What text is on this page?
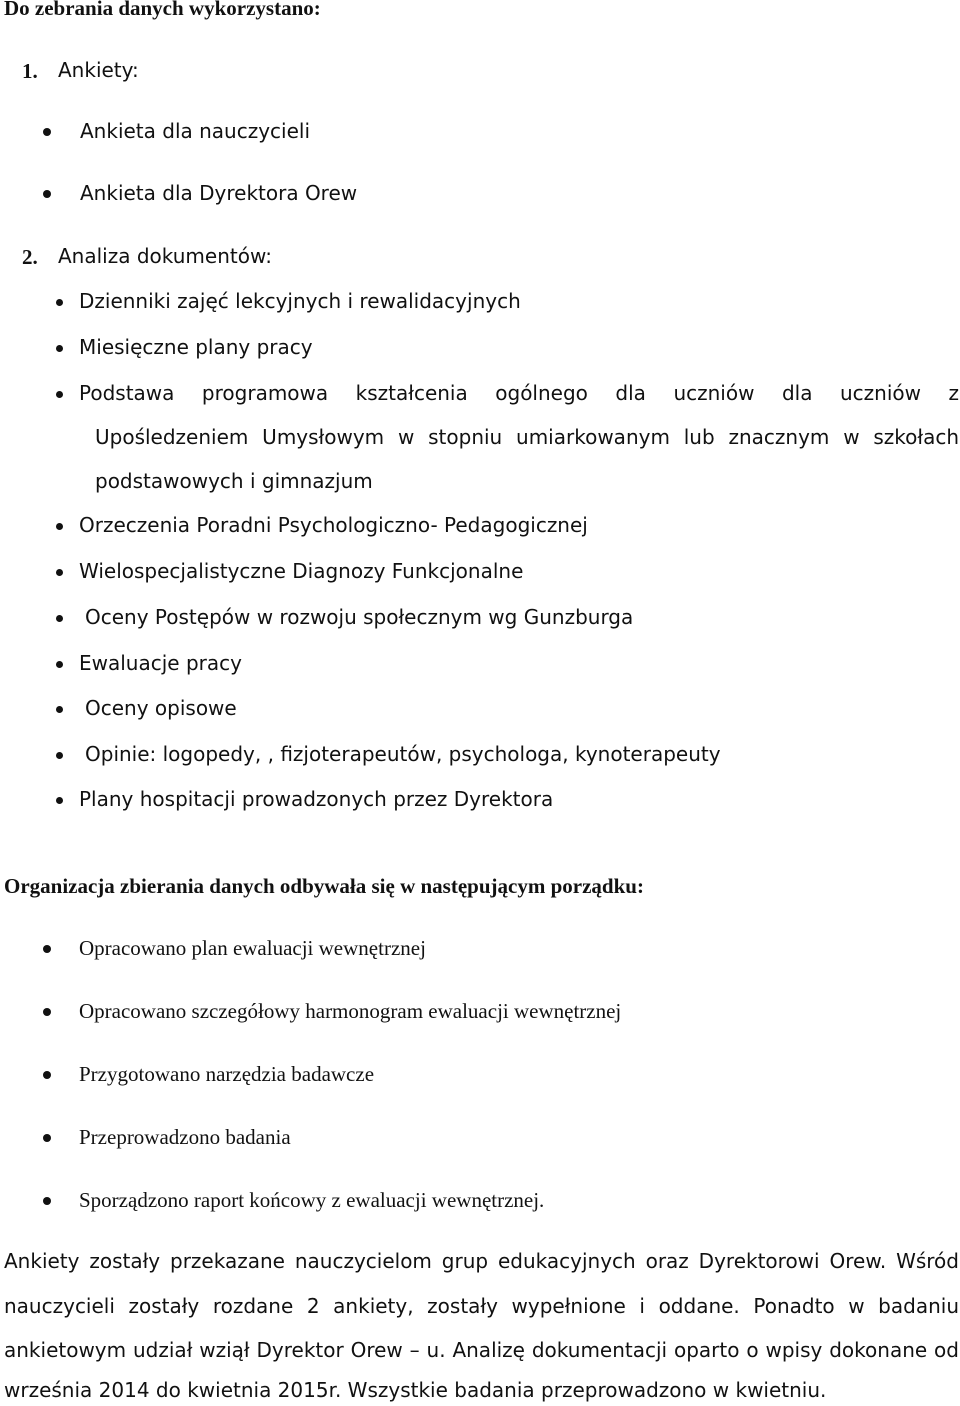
Do zebrania danych wykorzystano:
1. Ankiety:
Ankieta dla nauczycieli
Ankieta dla Dyrektora Orew
2. Analiza dokumentów:
Dzienniki zajęć lekcyjnych i rewalidacyjnych
Miesięczne plany pracy
Podstawa programowa kształcenia ogólnego dla uczniów dla uczniów z
Upośledzeniem Umysłowym w stopniu umiarkowanym lub znacznym w szkołach
podstawowych i gimnazjum
Orzeczenia Poradni Psychologiczno- Pedagogicznej
Wielospecjalistyczne Diagnozy Funkcjonalne
Oceny Postępów w rozwoju społecznym wg Gunzburga
Ewaluacje pracy
Oceny opisowe
Opinie: logopedy, , fizjoterapeutów, psychologa, kynoterapeuty
Plany hospitacji prowadzonych przez Dyrektora
Organizacja zbierania danych odbywała się w następującym porządku:
Opracowano plan ewaluacji wewnętrznej
Opracowano szczegółowy harmonogram ewaluacji wewnętrznej
Przygotowano narzędzia badawcze
Przeprowadzono badania
Sporządzono raport końcowy z ewaluacji wewnętrznej.
Ankiety zostały przekazane nauczycielom grup edukacyjnych oraz Dyrektorowi Orew. Wśród
nauczycieli zostały rozdane 2 ankiety, zostały wypełnione i oddane. Ponadto w badaniu
ankietowym udział wziął Dyrektor Orew – u. Analizę dokumentacji oparto o wpisy dokonane od
września 2014 do kwietnia 2015r. Wszystkie badania przeprowadzono w kwietniu.
